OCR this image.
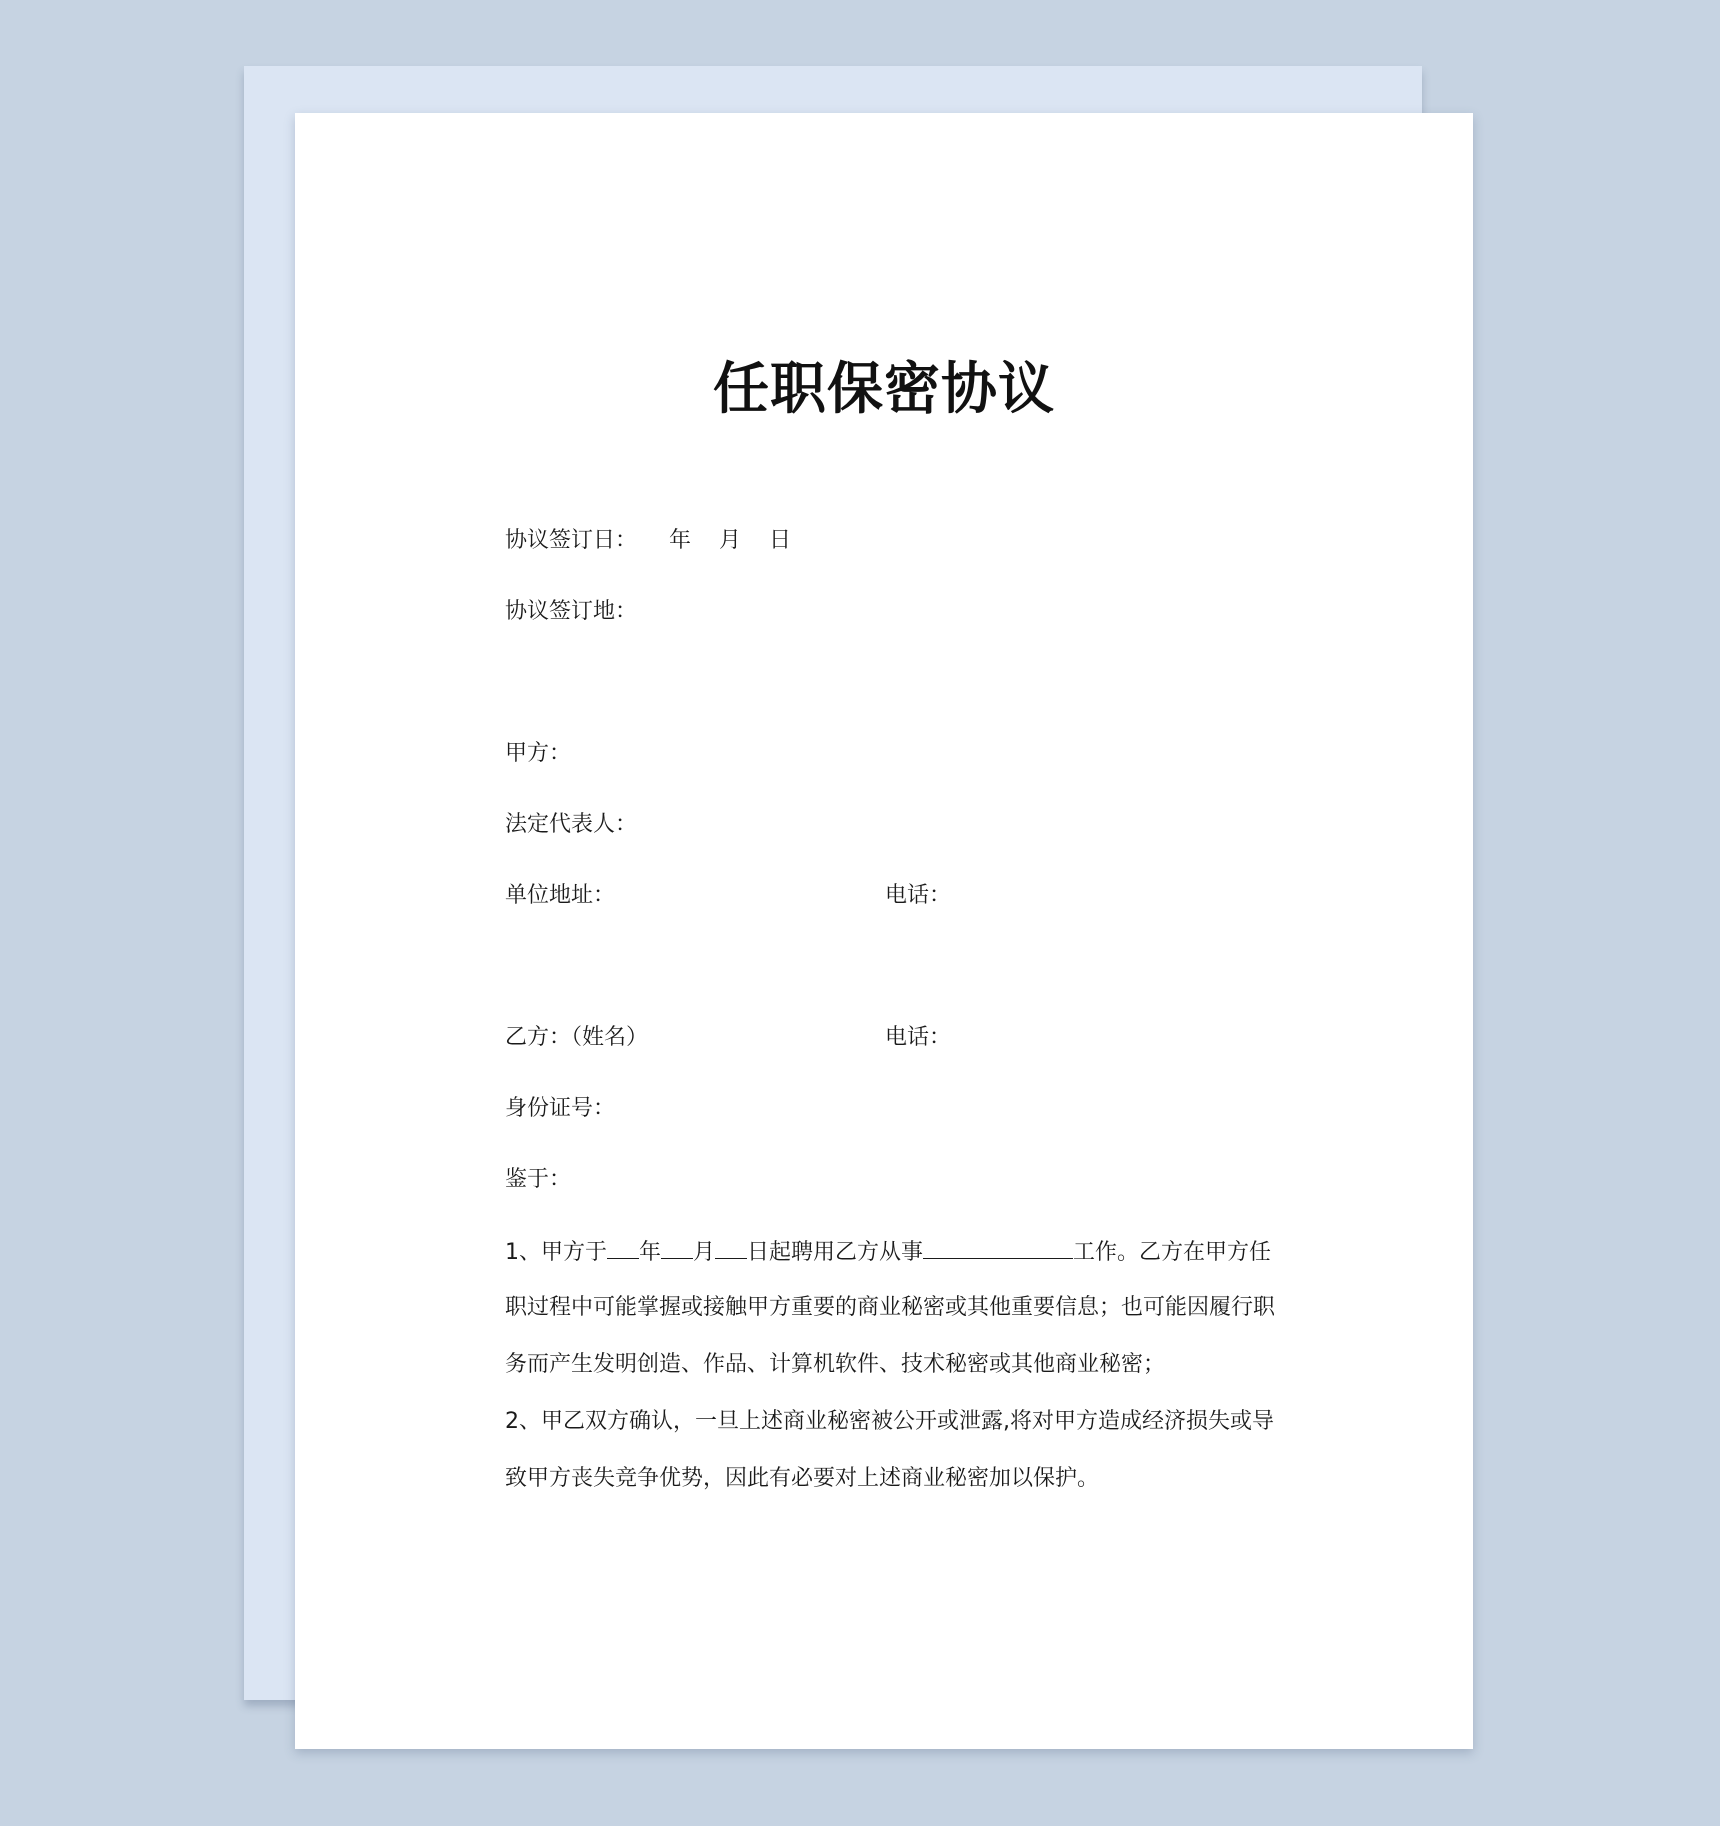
任职保密协议
协议签订日： 年    月    日
协议签订地：
甲方：
法定代表人：
单位地址：	电话：
乙方：（姓名）	电话：
身份证号：
鉴于：
1、甲方于 年 月 日起聘用乙方从事	工作。乙方在甲方任
职过程中可能掌握或接触甲方重要的商业秘密或其他重要信息；也可能因履行职
务而产生发明创造、作品、计算机软件、技术秘密或其他商业秘密；
2、甲乙双方确认，一旦上述商业秘密被公开或泄露,将对甲方造成经济损失或导
致甲方丧失竞争优势，因此有必要对上述商业秘密加以保护。
